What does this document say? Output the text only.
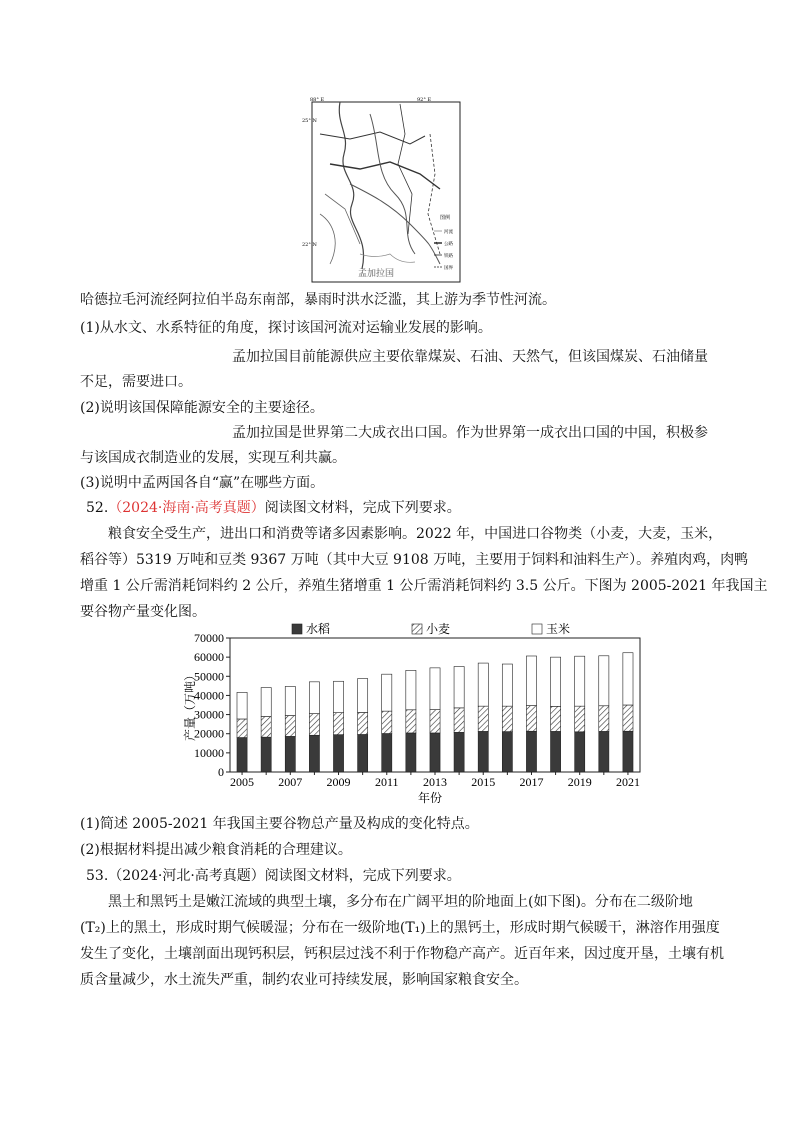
88° E	92° E
25° N
22° N
孟加拉国
图例
河流
公路
铁路
国界
哈德拉毛河流经阿拉伯半岛东南部，暴雨时洪水泛滥，其上游为季节性河流。
(1)从水文、水系特征的角度，探讨该国河流对运输业发展的影响。
孟加拉国目前能源供应主要依靠煤炭、石油、天然气，但该国煤炭、石油储量
不足，需要进口。
(2)说明该国保障能源安全的主要途径。
孟加拉国是世界第二大成衣出口国。作为世界第一成衣出口国的中国，积极参
与该国成衣制造业的发展，实现互利共赢。
(3)说明中孟两国各自“赢”在哪些方面。
52.（2024·海南·高考真题）阅读图文材料，完成下列要求。
粮食安全受生产，进出口和消费等诸多因素影响。2022 年，中国进口谷物类（小麦，大麦，玉米，
稻谷等）5319 万吨和豆类 9367 万吨（其中大豆 9108 万吨，主要用于饲料和油料生产）。养殖肉鸡，肉鸭
增重 1 公斤需消耗饲料约 2 公斤，养殖生猪增重 1 公斤需消耗饲料约 3.5 公斤。下图为 2005-2021 年我国主
要谷物产量变化图。
0
10000
20000
30000
40000
50000
60000
70000
2005 2007 2009 2011 2013 2015 2017 2019 2021
年份
产量（万吨）
水稻	小麦	玉米
(1)简述 2005-2021 年我国主要谷物总产量及构成的变化特点。
(2)根据材料提出减少粮食消耗的合理建议。
53.（2024·河北·高考真题）阅读图文材料，完成下列要求。
黑土和黑钙土是嫩江流域的典型土壤，多分布在广阔平坦的阶地面上(如下图)。分布在二级阶地
(T₂)上的黑土，形成时期气候暖湿；分布在一级阶地(T₁)上的黑钙土，形成时期气候暖干，淋溶作用强度
发生了变化，土壤剖面出现钙积层，钙积层过浅不利于作物稳产高产。近百年来，因过度开垦，土壤有机
质含量减少，水土流失严重，制约农业可持续发展，影响国家粮食安全。
